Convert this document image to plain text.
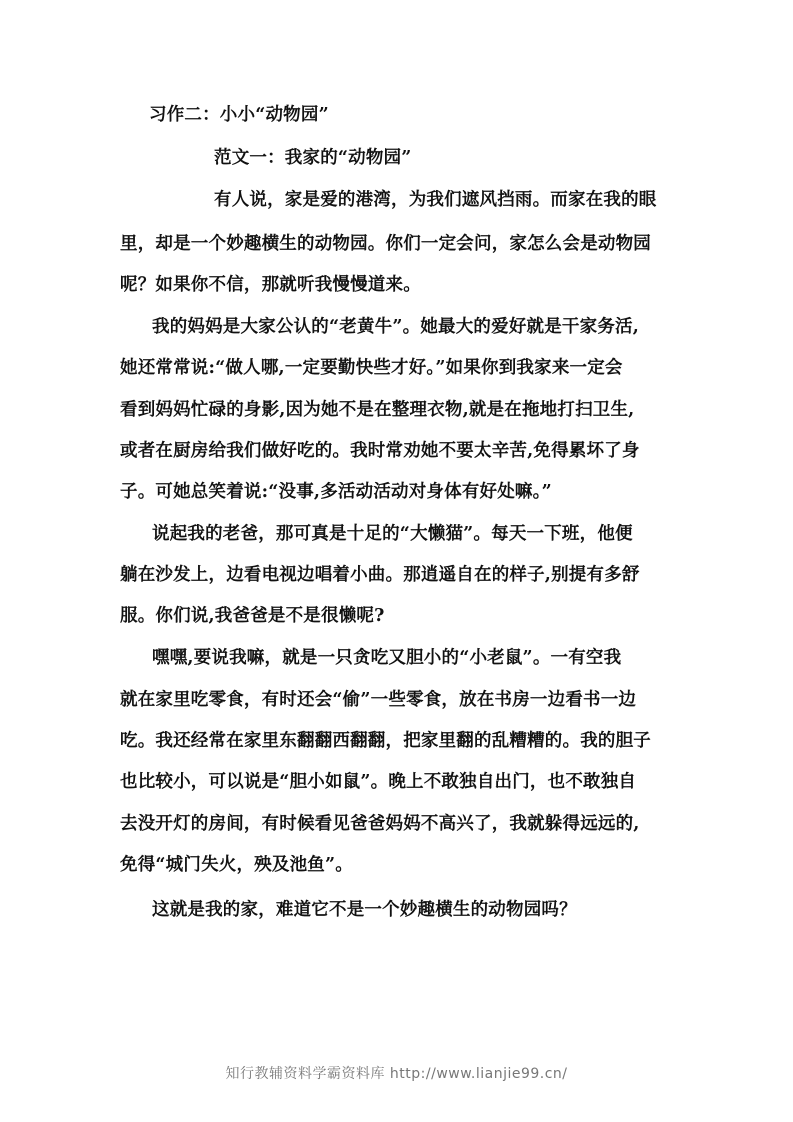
习作二：小小“动物园”
范文一：我家的“动物园”
有人说，家是爱的港湾，为我们遮风挡雨。而家在我的眼
里，却是一个妙趣横生的动物园。你们一定会问，家怎么会是动物园
呢？如果你不信，那就听我慢慢道来。
我的妈妈是大家公认的“老黄牛”。她最大的爱好就是干家务活,
她还常常说:“做人哪,一定要勤快些才好。”如果你到我家来一定会
看到妈妈忙碌的身影,因为她不是在整理衣物,就是在拖地打扫卫生,
或者在厨房给我们做好吃的。我时常劝她不要太辛苦,免得累坏了身
子。可她总笑着说:“没事,多活动活动对身体有好处嘛。”
说起我的老爸，那可真是十足的“大懒猫”。每天一下班，他便
躺在沙发上，边看电视边唱着小曲。那逍遥自在的样子,别提有多舒
服。你们说,我爸爸是不是很懒呢?
嘿嘿,要说我嘛，就是一只贪吃又胆小的“小老鼠”。一有空我
就在家里吃零食，有时还会“偷”一些零食，放在书房一边看书一边
吃。我还经常在家里东翻翻西翻翻，把家里翻的乱糟糟的。我的胆子
也比较小，可以说是“胆小如鼠”。晚上不敢独自出门，也不敢独自
去没开灯的房间，有时候看见爸爸妈妈不高兴了，我就躲得远远的,
免得“城门失火，殃及池鱼”。
这就是我的家，难道它不是一个妙趣横生的动物园吗？
知行教辅资料学霸资料库 http://www.lianjie99.cn/
